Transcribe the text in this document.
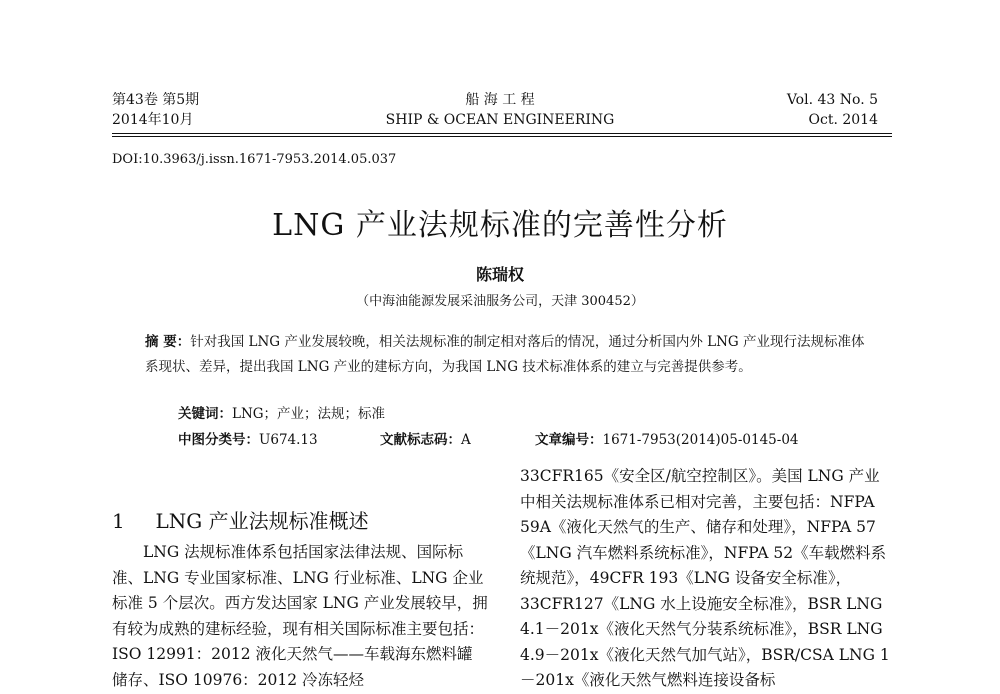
第43卷 第5期
2014年10月
船 海 工 程
SHIP & OCEAN ENGINEERING
Vol. 43 No. 5
Oct. 2014
DOI:10.3963/j.issn.1671-7953.2014.05.037
LNG 产业法规标准的完善性分析
陈瑞权
（中海油能源发展采油服务公司，天津 300452）
摘 要：针对我国 LNG 产业发展较晚，相关法规标准的制定相对落后的情况，通过分析国内外 LNG 产业现行法规标准体系现状、差异，提出我国 LNG 产业的建标方向，为我国 LNG 技术标准体系的建立与完善提供参考。
关键词：LNG；产业；法规；标准
中图分类号：U674.13	文献标志码：A	文章编号：1671-7953(2014)05-0145-04
1 LNG 产业法规标准概述
LNG 法规标准体系包括国家法律法规、国际标准、LNG 专业国家标准、LNG 行业标准、LNG 企业标准 5 个层次。西方发达国家 LNG 产业发展较早，拥有较为成熟的建标经验，现有相关国际标准主要包括：ISO 12991：2012 液化天然气——车载海东燃料罐储存、ISO 10976：2012 冷冻轻烃
33CFR165《安全区/航空控制区》。美国 LNG 产业中相关法规标准体系已相对完善，主要包括：NFPA 59A《液化天然气的生产、储存和处理》，NFPA 57《LNG 汽车燃料系统标准》，NFPA 52《车载燃料系统规范》，49CFR 193《LNG 设备安全标准》，33CFR127《LNG 水上设施安全标准》，BSR LNG 4.1－201x《液化天然气分装系统标准》，BSR LNG 4.9－201x《液化天然气加气站》，BSR/CSA LNG 1－201x《液化天然气燃料连接设备标
